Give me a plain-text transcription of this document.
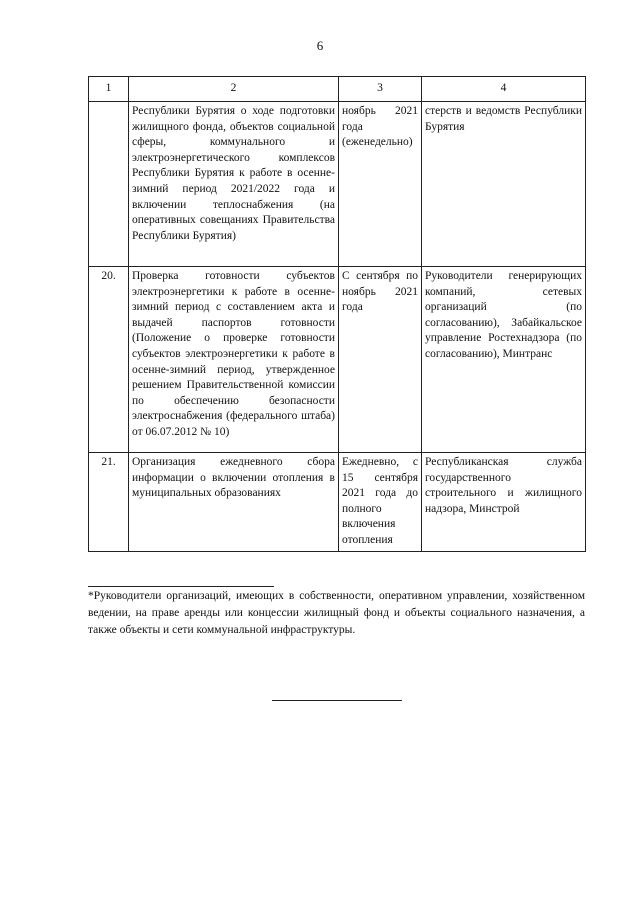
6
1	2	3	4
	Республики Бурятия о ходе подготовки жилищного фонда, объектов социальной сферы, коммунального и электроэнергетического комплексов Республики Бурятия к работе в осенне-зимний период 2021/2022 года и включении теплоснабжения (на оперативных совещаниях Правительства Республики Бурятия)	ноябрь 2021 года (еженедельно)	стерств и ведомств Республики Бурятия
20.	Проверка готовности субъектов электроэнергетики к работе в осенне-зимний период с составлением акта и выдачей паспортов готовности (Положение о проверке готовности субъектов электроэнергетики к работе в осенне-зимний период, утвержденное решением Правительственной комиссии по обеспечению безопасности электроснабжения (федерального штаба) от 06.07.2012 № 10)	С сентября по ноябрь 2021 года	Руководители генерирующих компаний, сетевых организаций (по согласованию), Забайкальское управление Ростехнадзора (по согласованию), Минтранс
21.	Организация ежедневного сбора информации о включении отопления в муниципальных образованиях	Ежедневно, с 15 сентября 2021 года до полного включения отопления	Республиканская служба государственного строительного и жилищного надзора, Минстрой
*Руководители организаций, имеющих в собственности, оперативном управлении, хозяйственном ведении, на праве аренды или концессии жилищный фонд и объекты социального назначения, а также объекты и сети коммунальной инфраструктуры.
